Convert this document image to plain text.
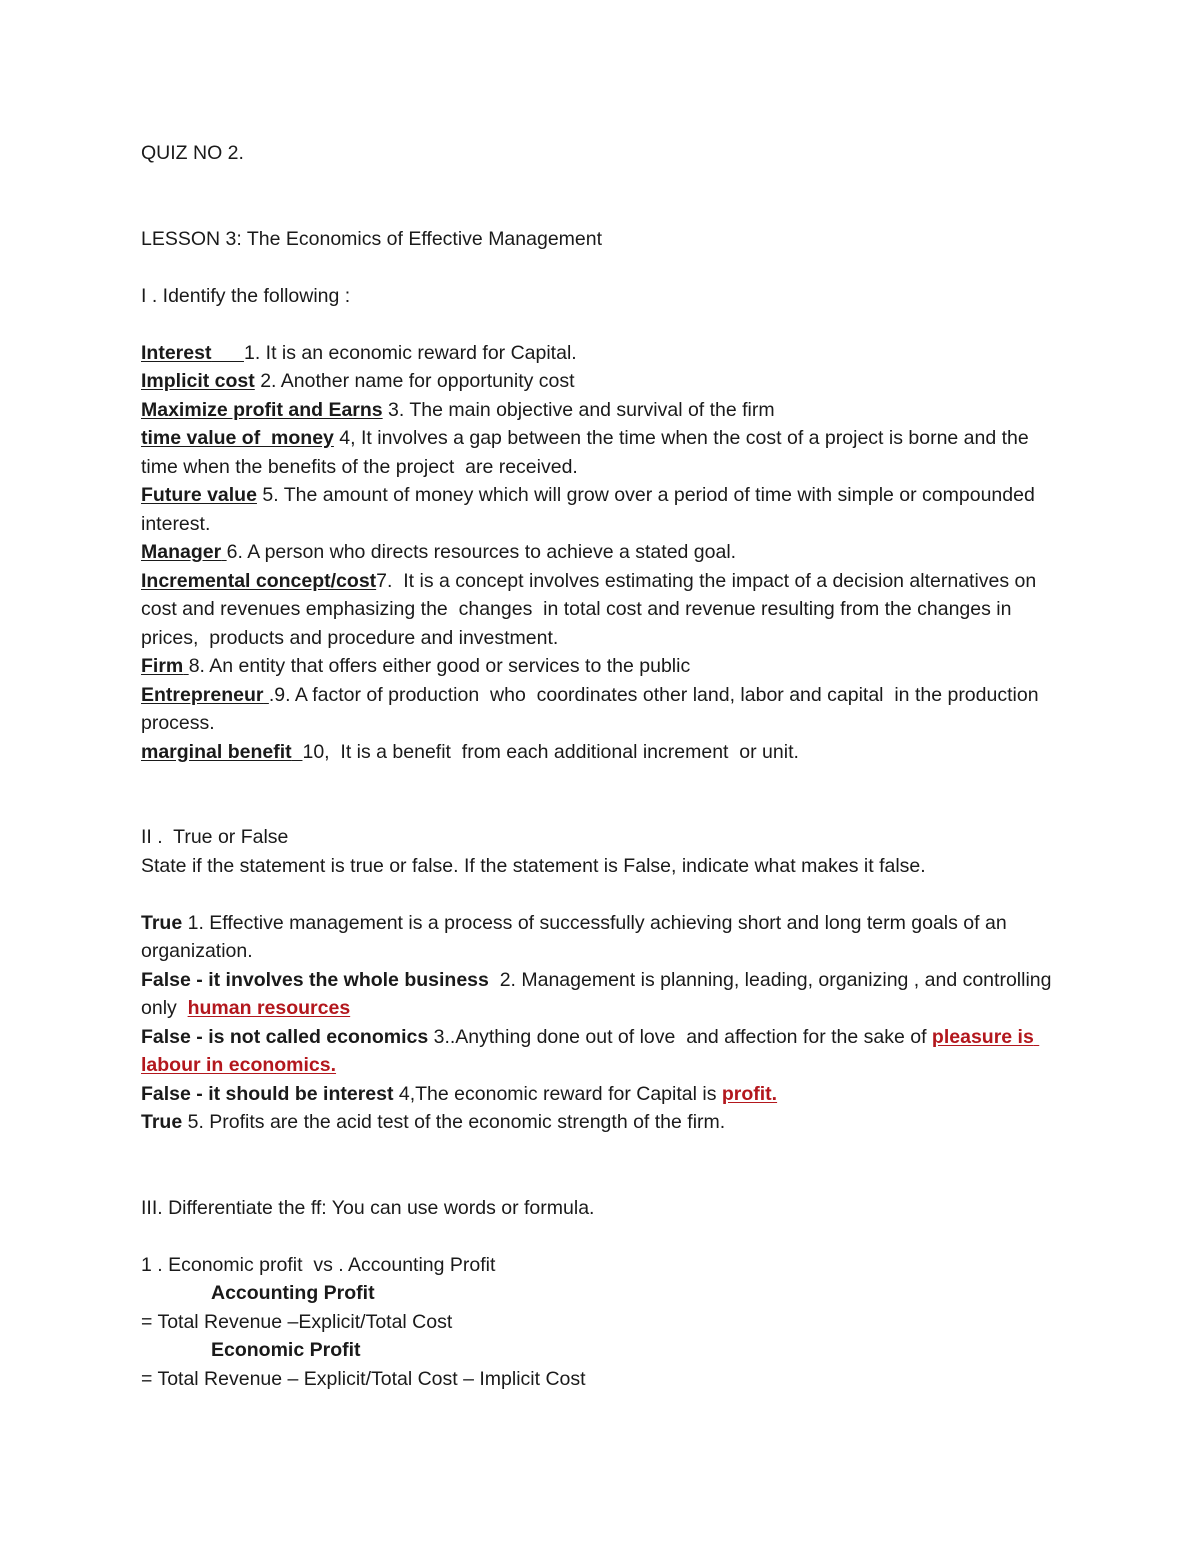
QUIZ NO 2.
LESSON 3: The Economics of Effective Management
I . Identify the following :
Interest 1. It is an economic reward for Capital.
Implicit cost 2. Another name for opportunity cost
Maximize profit and Earns 3. The main objective and survival of the firm
time value of  money 4, It involves a gap between the time when the cost of a project is borne and the time when the benefits of the project  are received.
Future value 5. The amount of money which will grow over a period of time with simple or compounded interest.
Manager 6. A person who directs resources to achieve a stated goal.
Incremental concept/cost7.  It is a concept involves estimating the impact of a decision alternatives on cost and revenues emphasizing the  changes  in total cost and revenue resulting from the changes in prices,  products and procedure and investment.
Firm 8. An entity that offers either good or services to the public
Entrepreneur .9. A factor of production  who  coordinates other land, labor and capital  in the production process.
marginal benefit 10,  It is a benefit  from each additional increment  or unit.
II .  True or False
State if the statement is true or false. If the statement is False, indicate what makes it false.
True 1. Effective management is a process of successfully achieving short and long term goals of an organization.
False - it involves the whole business  2. Management is planning, leading, organizing , and controlling only  human resources
False - is not called economics 3..Anything done out of love  and affection for the sake of pleasure is labour in economics.
False - it should be interest 4,The economic reward for Capital is profit.
True 5. Profits are the acid test of the economic strength of the firm.
III. Differentiate the ff: You can use words or formula.
1 . Economic profit  vs . Accounting Profit
Accounting Profit
= Total Revenue –Explicit/Total Cost
Economic Profit
= Total Revenue – Explicit/Total Cost – Implicit Cost
